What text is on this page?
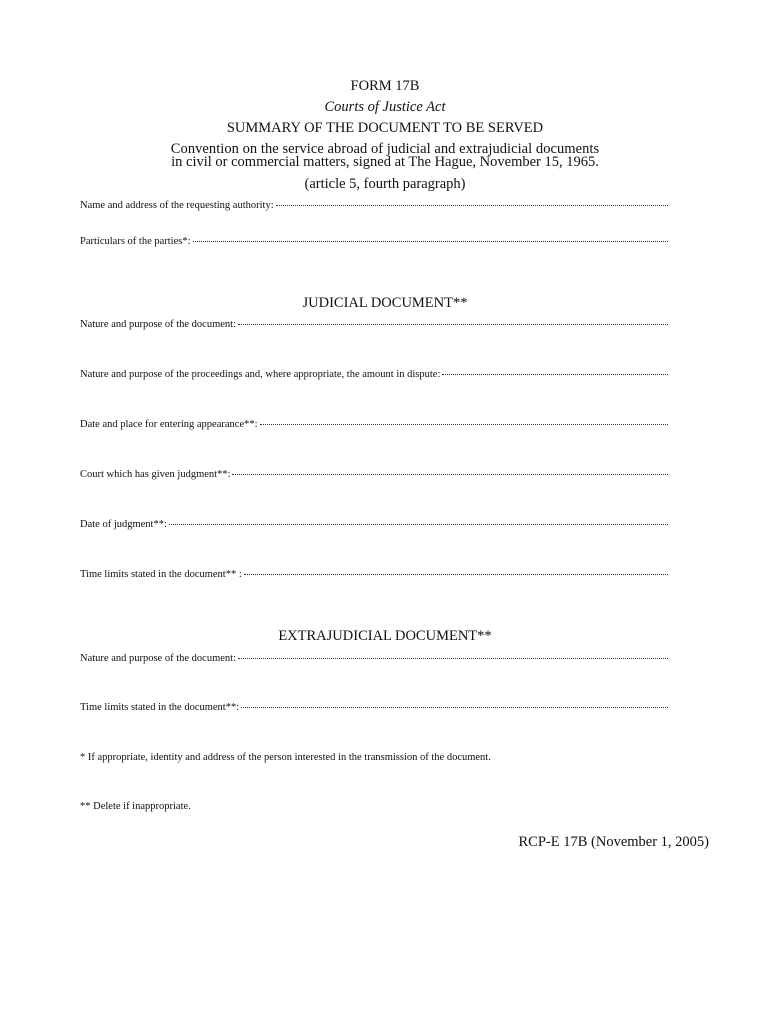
FORM 17B
Courts of Justice Act
SUMMARY OF THE DOCUMENT TO BE SERVED
Convention on the service abroad of judicial and extrajudicial documents
in civil or commercial matters, signed at The Hague, November 15, 1965.
(article 5, fourth paragraph)
Name and address of the requesting authority:
Particulars of the parties*:
JUDICIAL DOCUMENT**
Nature and purpose of the document:
Nature and purpose of the proceedings and, where appropriate, the amount in dispute:
Date and place for entering appearance**:
Court which has given judgment**:
Date of judgment**:
Time limits stated in the document** :
EXTRAJUDICIAL DOCUMENT**
Nature and purpose of the document:
Time limits stated in the document**:
* If appropriate, identity and address of the person interested in the transmission of the document.
** Delete if inappropriate.
RCP-E 17B (November 1, 2005)
